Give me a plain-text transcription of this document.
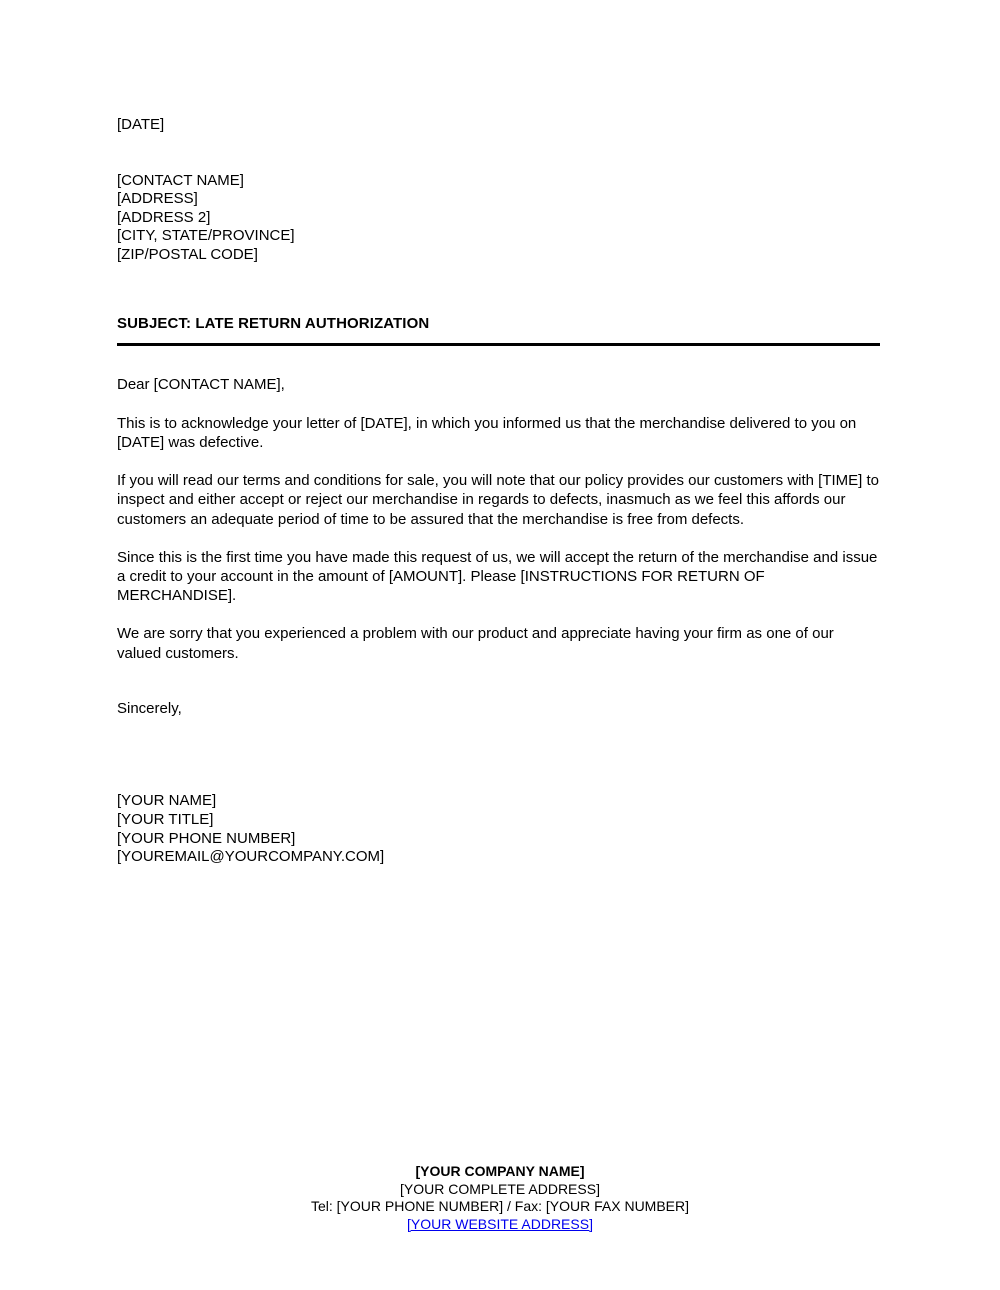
[DATE]
[CONTACT NAME]
[ADDRESS]
[ADDRESS 2]
[CITY, STATE/PROVINCE]
[ZIP/POSTAL CODE]
SUBJECT: LATE RETURN AUTHORIZATION
Dear [CONTACT NAME],
This is to acknowledge your letter of [DATE], in which you informed us that the merchandise delivered to you on [DATE] was defective.
If you will read our terms and conditions for sale, you will note that our policy provides our customers with [TIME] to inspect and either accept or reject our merchandise in regards to defects, inasmuch as we feel this affords our customers an adequate period of time to be assured that the merchandise is free from defects.
Since this is the first time you have made this request of us, we will accept the return of the merchandise and issue a credit to your account in the amount of [AMOUNT]. Please [INSTRUCTIONS FOR RETURN OF MERCHANDISE].
We are sorry that you experienced a problem with our product and appreciate having your firm as one of our valued customers.
Sincerely,
[YOUR NAME]
[YOUR TITLE]
[YOUR PHONE NUMBER]
[YOUREMAIL@YOURCOMPANY.COM]
[YOUR COMPANY NAME]
[YOUR COMPLETE ADDRESS]
Tel: [YOUR PHONE NUMBER] / Fax: [YOUR FAX NUMBER]
[YOUR WEBSITE ADDRESS]
